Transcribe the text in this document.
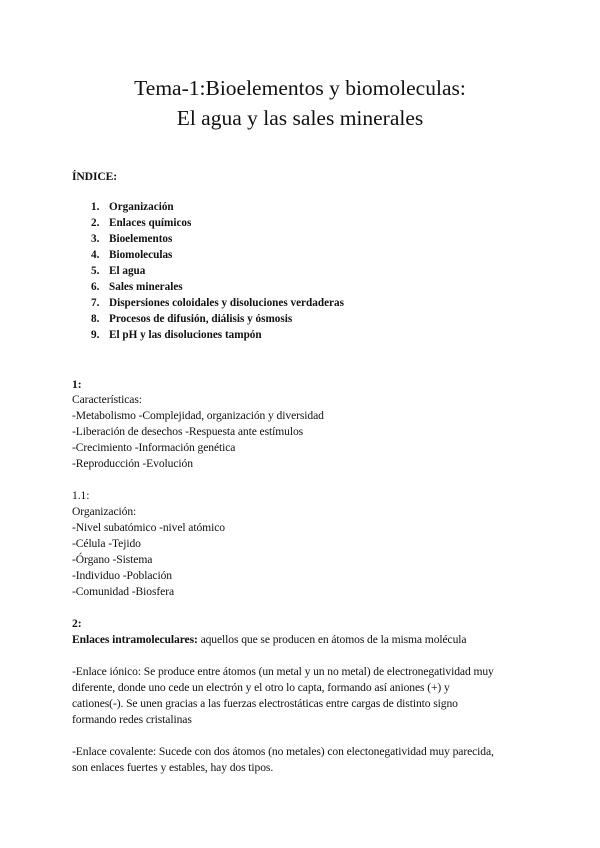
Tema-1:Bioelementos y biomoleculas:
El agua y las sales minerales
ÍNDICE:
1. Organización
2. Enlaces químicos
3. Bioelementos
4. Biomoleculas
5. El agua
6. Sales minerales
7. Dispersiones coloidales y disoluciones verdaderas
8. Procesos de difusión, diálisis y ósmosis
9. El pH y las disoluciones tampón
1:
Características:
-Metabolismo -Complejidad, organización y diversidad
-Liberación de desechos -Respuesta ante estímulos
-Crecimiento -Información genética
-Reproducción -Evolución
1.1:
Organización:
-Nivel subatómico -nivel atómico
-Célula -Tejido
-Órgano -Sistema
-Individuo -Población
-Comunidad -Biosfera
2:
Enlaces intramoleculares: aquellos que se producen en átomos de la misma molécula
-Enlace iónico: Se produce entre átomos (un metal y un no metal) de electronegatividad muy
diferente, donde uno cede un electrón y el otro lo capta, formando así aniones (+) y
cationes(-). Se unen gracias a las fuerzas electrostáticas entre cargas de distinto signo
formando redes cristalinas
-Enlace covalente: Sucede con dos átomos (no metales) con electonegatividad muy parecida,
son enlaces fuertes y estables, hay dos tipos.
